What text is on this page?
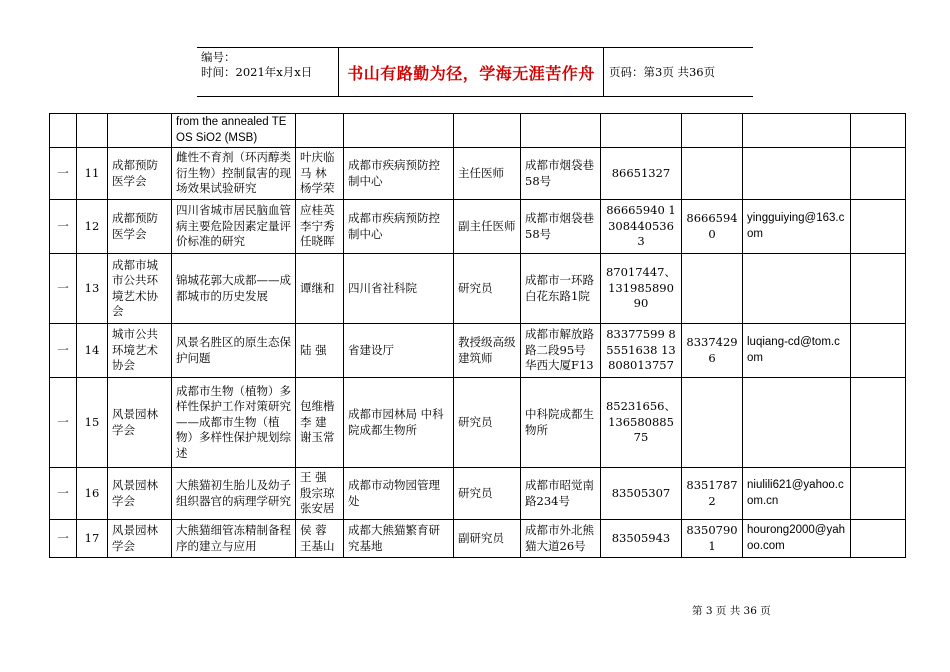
编号：
时间：2021年x月x日	书山有路勤为径，学海无涯苦作舟	页码：第3页 共36页
			from the annealed TEOS SiO2 (MSB)								
一	11	成都预防医学会	雌性不育剂（环丙醇类衍生物）控制鼠害的现场效果试验研究	叶庆临 马 林 杨学荣	成都市疾病预防控制中心	主任医师	成都市烟袋巷58号	86651327			
一	12	成都预防医学会	四川省城市居民脑血管病主要危险因素定量评价标准的研究	应桂英 李宁秀 任晓晖	成都市疾病预防控制中心	副主任医师	成都市烟袋巷58号	86665940 13084405363	86665940	yingguiying@163.com	
一	13	成都市城市公共环境艺术协会	锦城花郭大成都——成都城市的历史发展	谭继和	四川省社科院	研究员	成都市一环路白花东路1院	87017447、13198589090			
一	14	城市公共环境艺术协会	风景名胜区的原生态保护问题	陆 强	省建设厅	教授级高级建筑师	成都市解放路路二段95号华西大厦F13	83377599 85551638 13808013757	83374296	luqiang-cd@tom.com	
一	15	风景园林学会	成都市生物（植物）多样性保护工作对策研究——成都市生物（植物）多样性保护规划综述	包维楷 李 建 谢玉常	成都市园林局 中科院成都生物所	研究员	中科院成都生物所	85231656、13658088575			
一	16	风景园林学会	大熊猫初生胎儿及幼子组织器官的病理学研究	王 强 殷宗琼 张安居	成都市动物园管理处	研究员	成都市昭觉南路234号	83505307	83517872	niulili621@yahoo.com.cn	
一	17	风景园林学会	大熊猫细管冻精制备程序的建立与应用	侯 蓉 王基山	成都大熊猫繁育研究基地	副研究员	成都市外北熊猫大道26号	83505943	83507901	hourong2000@yahoo.com	
第 3 页 共 36 页
